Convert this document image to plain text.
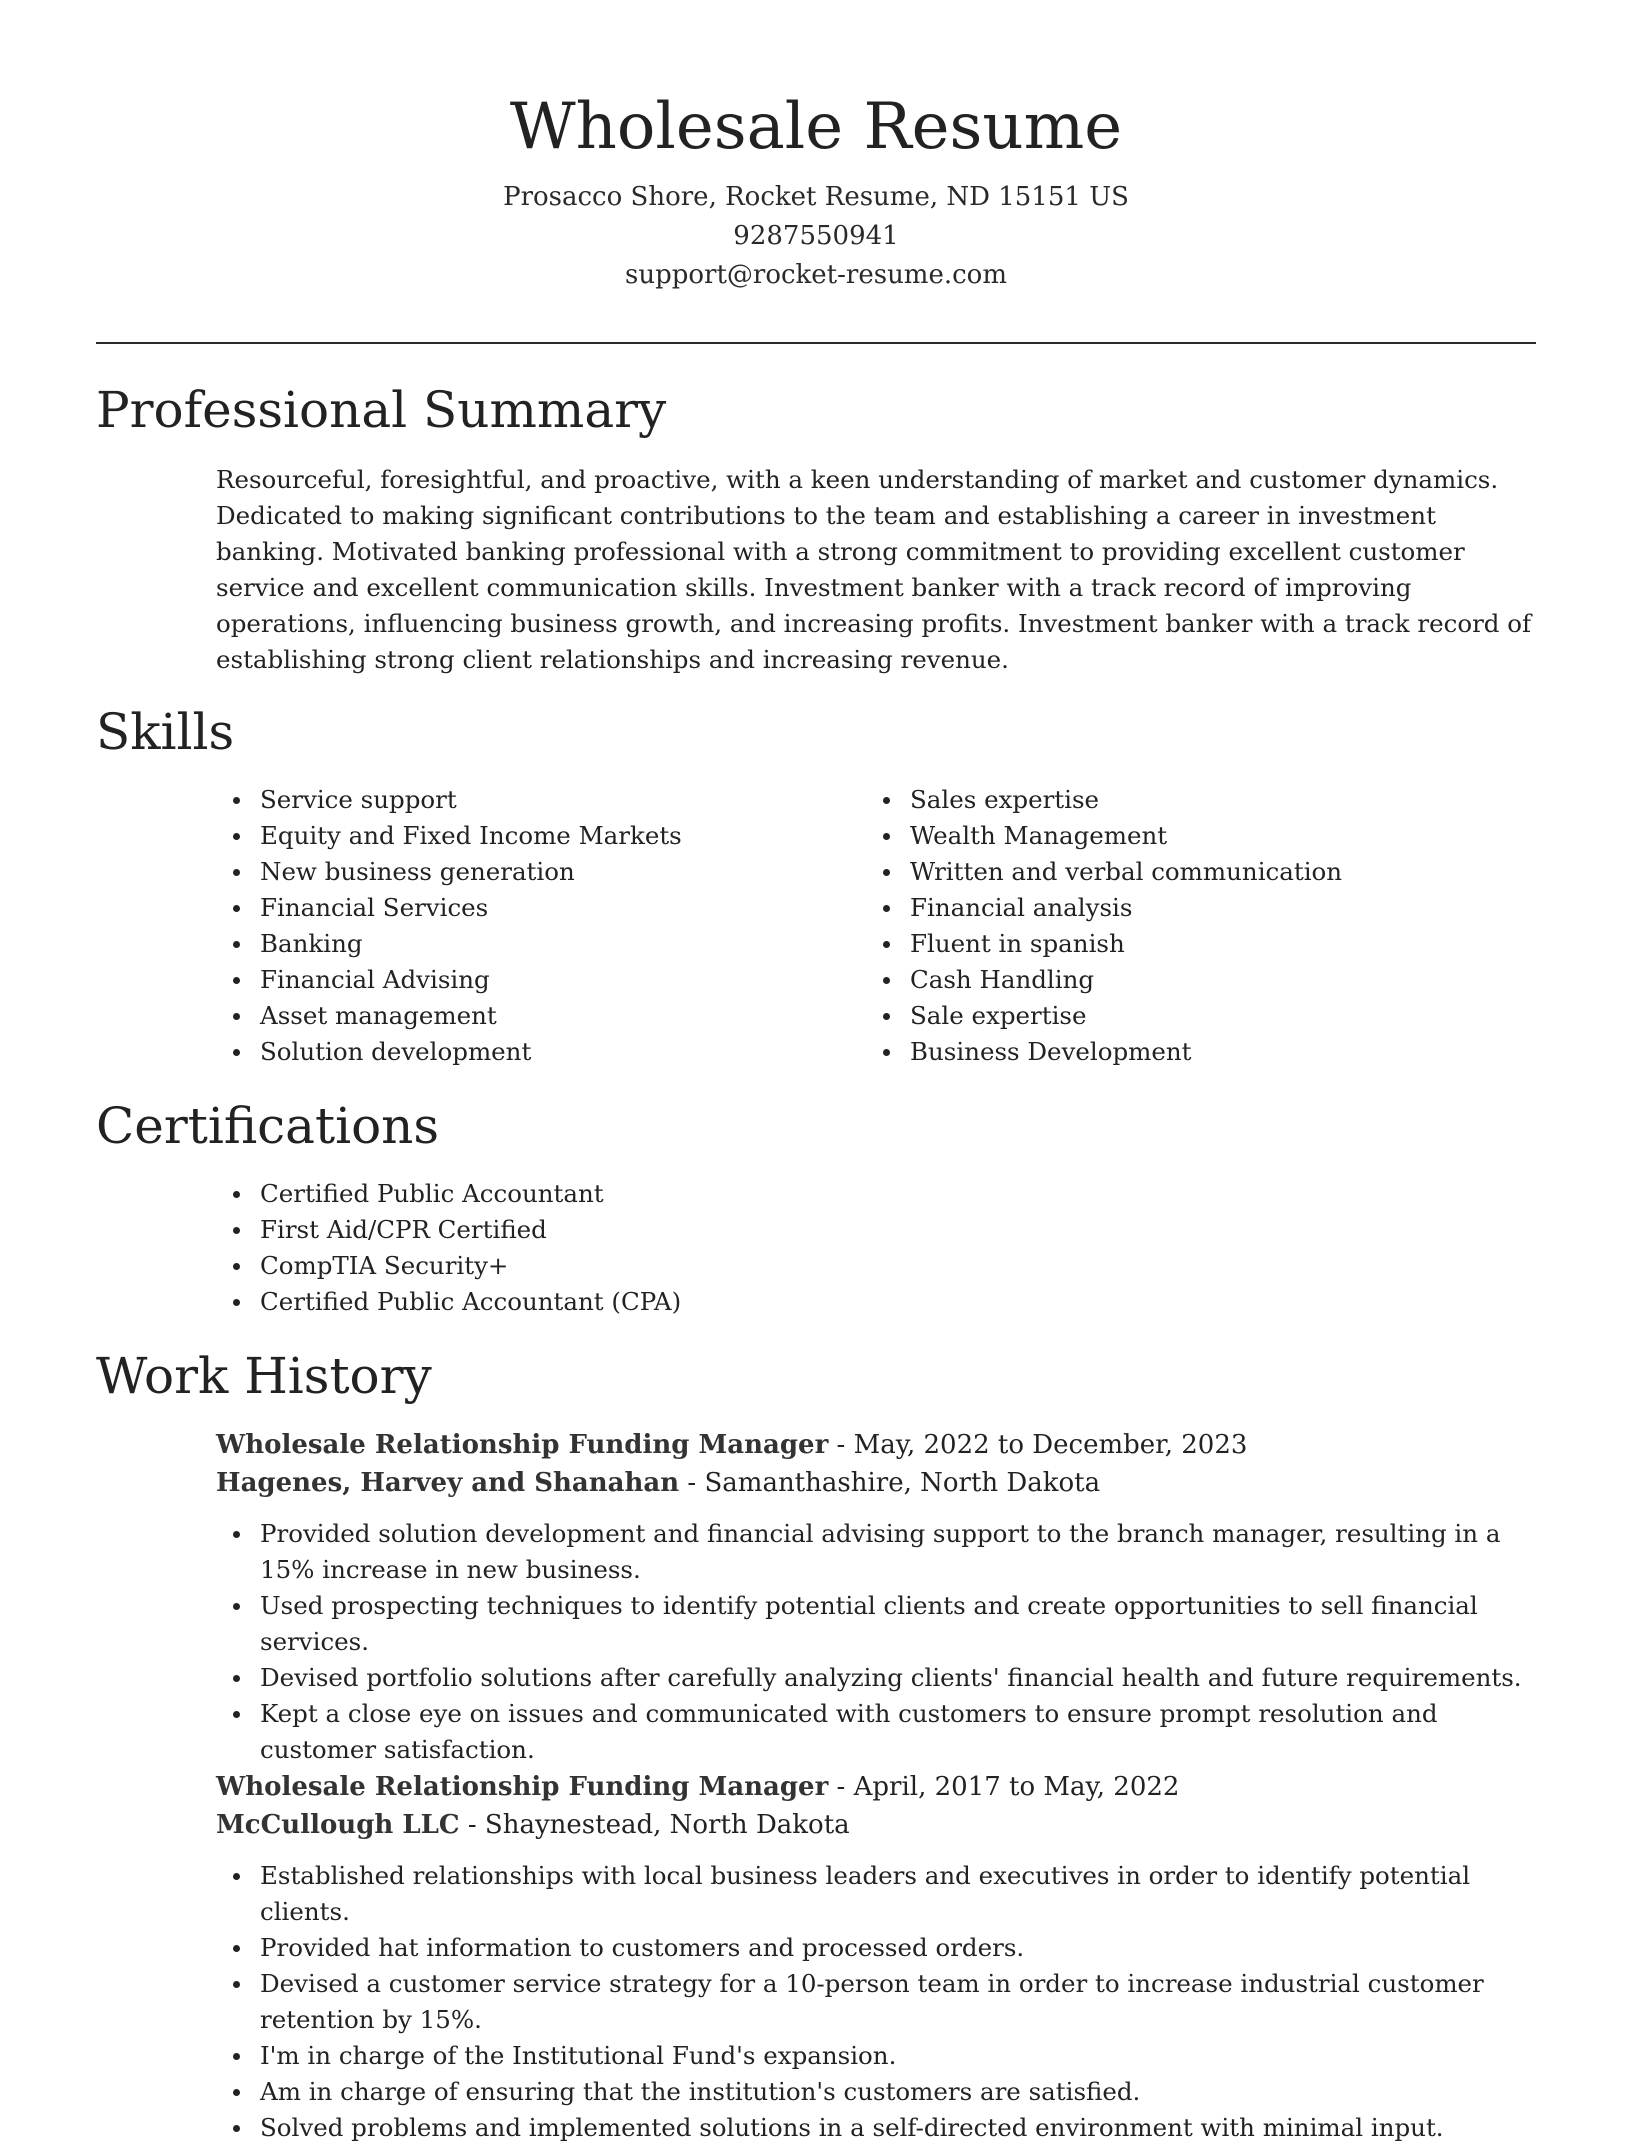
Wholesale Resume
Prosacco Shore, Rocket Resume, ND 15151 US
9287550941
support@rocket-resume.com
Professional Summary

Resourceful, foresightful, and proactive, with a keen understanding of market and customer dynamics. Dedicated to making significant contributions to the team and establishing a career in investment banking. Motivated banking professional with a strong commitment to providing excellent customer service and excellent communication skills. Investment banker with a track record of improving operations, influencing business growth, and increasing profits. Investment banker with a track record of establishing strong client relationships and increasing revenue.

Skills
Service support
Equity and Fixed Income Markets
New business generation
Financial Services
Banking
Financial Advising
Asset management
Solution development
Sales expertise
Wealth Management
Written and verbal communication
Financial analysis
Fluent in spanish
Cash Handling
Sale expertise
Business Development
Certifications
Certified Public Accountant
First Aid/CPR Certified
CompTIA Security+
Certified Public Accountant (CPA)
Work History
Wholesale Relationship Funding Manager - May, 2022 to December, 2023
Hagenes, Harvey and Shanahan - Samanthashire, North Dakota
Provided solution development and financial advising support to the branch manager, resulting in a 15% increase in new business.
Used prospecting techniques to identify potential clients and create opportunities to sell financial services.
Devised portfolio solutions after carefully analyzing clients' financial health and future requirements.
Kept a close eye on issues and communicated with customers to ensure prompt resolution and customer satisfaction.
Wholesale Relationship Funding Manager - April, 2017 to May, 2022
McCullough LLC - Shaynestead, North Dakota
Established relationships with local business leaders and executives in order to identify potential clients.
Provided hat information to customers and processed orders.
Devised a customer service strategy for a 10-person team in order to increase industrial customer retention by 15%.
I'm in charge of the Institutional Fund's expansion.
Am in charge of ensuring that the institution's customers are satisfied.
Solved problems and implemented solutions in a self-directed environment with minimal input.
